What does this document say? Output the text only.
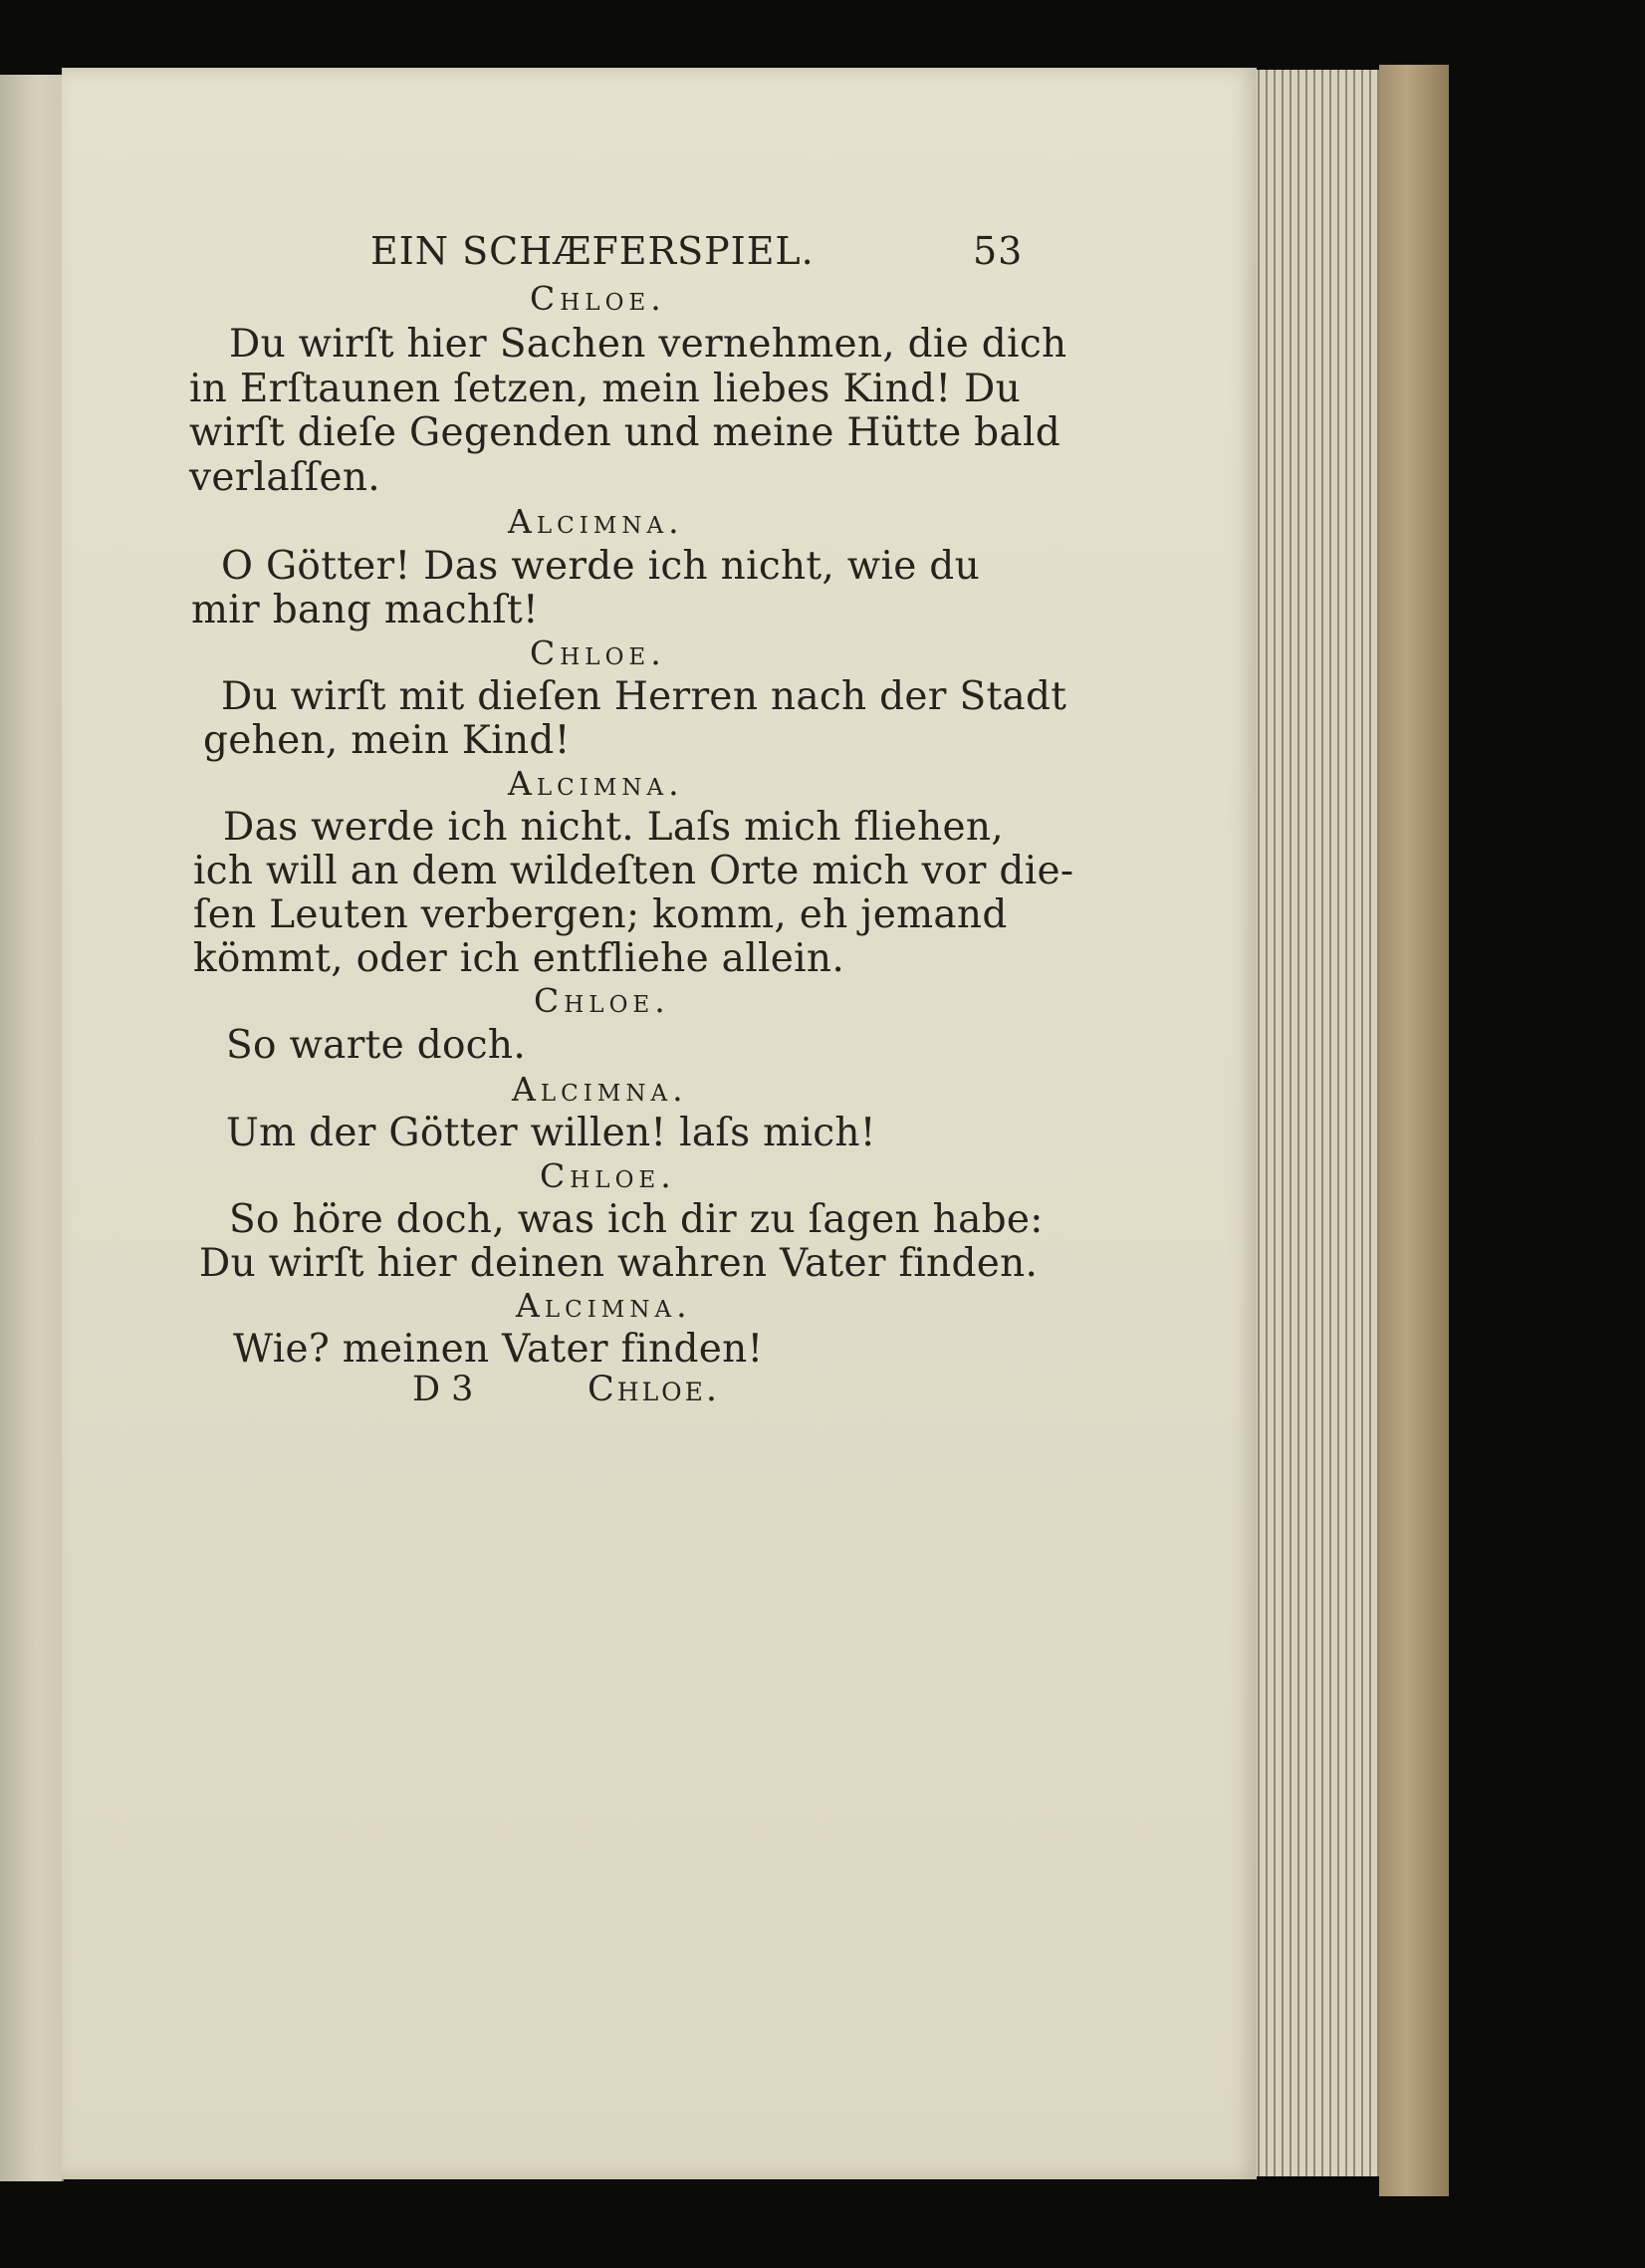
EIN SCHÆFERSPIEL.	53
Chloe.
Du wirſt hier Sachen vernehmen, die dich
in Erſtaunen ſetzen, mein liebes Kind! Du
wirſt dieſe Gegenden und meine Hütte bald
verlaſſen.
Alcimna.
O Götter! Das werde ich nicht, wie du
mir bang machſt!
Chloe.
Du wirſt mit dieſen Herren nach der Stadt
gehen, mein Kind!
Alcimna.
Das werde ich nicht. Laſs mich fliehen,
ich will an dem wildeſten Orte mich vor die-
ſen Leuten verbergen; komm, eh jemand
kömmt, oder ich entfliehe allein.
Chloe.
So warte doch.
Alcimna.
Um der Götter willen! laſs mich!
Chloe.
So höre doch, was ich dir zu ſagen habe:
Du wirſt hier deinen wahren Vater finden.
Alcimna.
Wie? meinen Vater finden!
D 3	Chloe.
